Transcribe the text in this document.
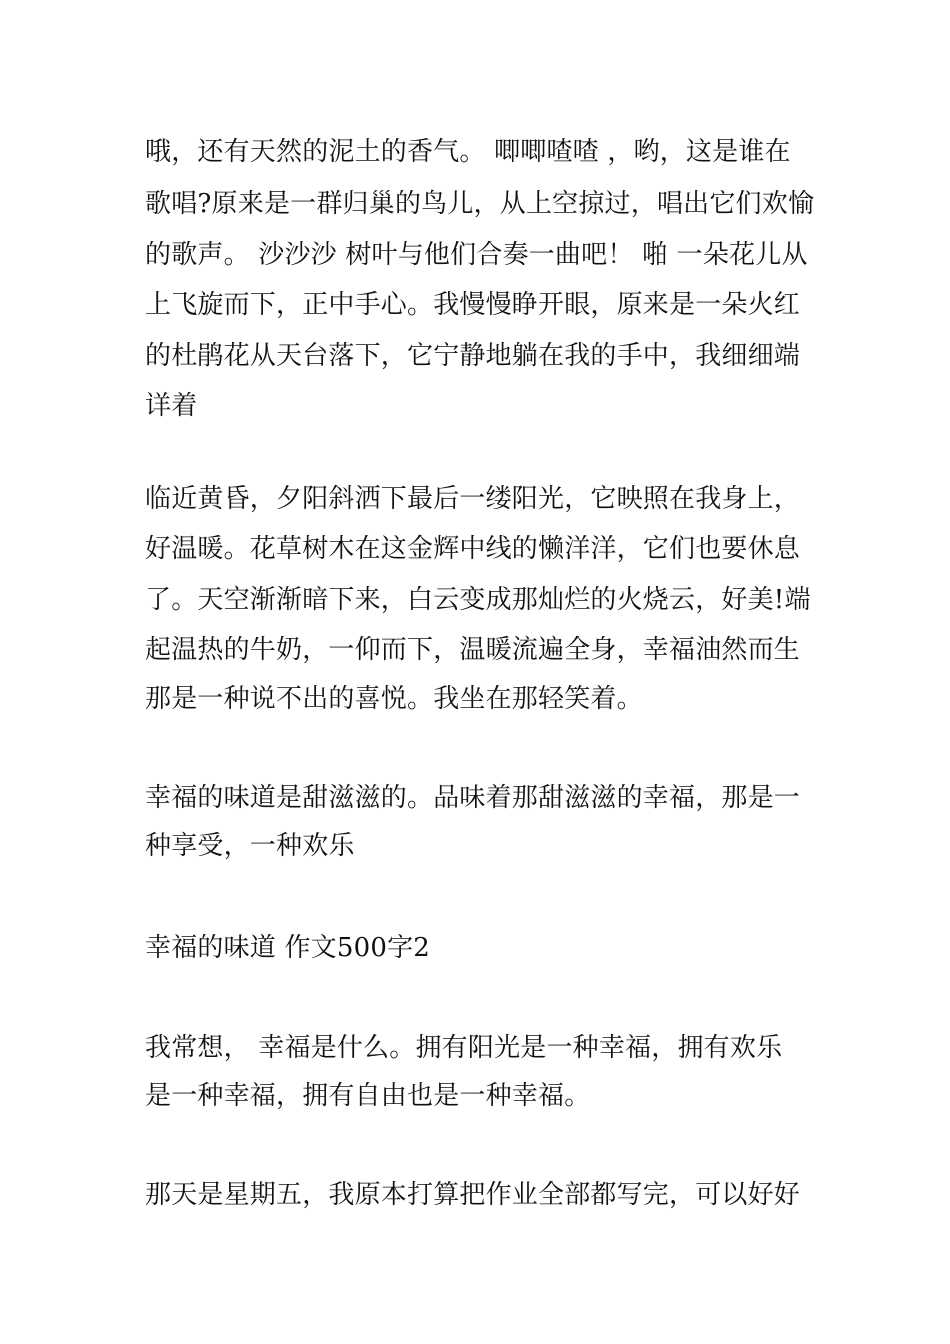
哦，还有天然的泥土的香气。 唧唧喳喳 ，哟，这是谁在
歌唱?原来是一群归巢的鸟儿，从上空掠过，唱出它们欢愉
的歌声。 沙沙沙 树叶与他们合奏一曲吧！ 啪 一朵花儿从
上飞旋而下，正中手心。我慢慢睁开眼，原来是一朵火红
的杜鹃花从天台落下，它宁静地躺在我的手中，我细细端
详着
临近黄昏，夕阳斜洒下最后一缕阳光，它映照在我身上，
好温暖。花草树木在这金辉中线的懒洋洋，它们也要休息
了。天空渐渐暗下来，白云变成那灿烂的火烧云，好美!端
起温热的牛奶，一仰而下，温暖流遍全身，幸福油然而生
那是一种说不出的喜悦。我坐在那轻笑着。
幸福的味道是甜滋滋的。品味着那甜滋滋的幸福，那是一
种享受，一种欢乐
幸福的味道 作文500字2
我常想， 幸福是什么。拥有阳光是一种幸福，拥有欢乐
是一种幸福，拥有自由也是一种幸福。
那天是星期五，我原本打算把作业全部都写完，可以好好
